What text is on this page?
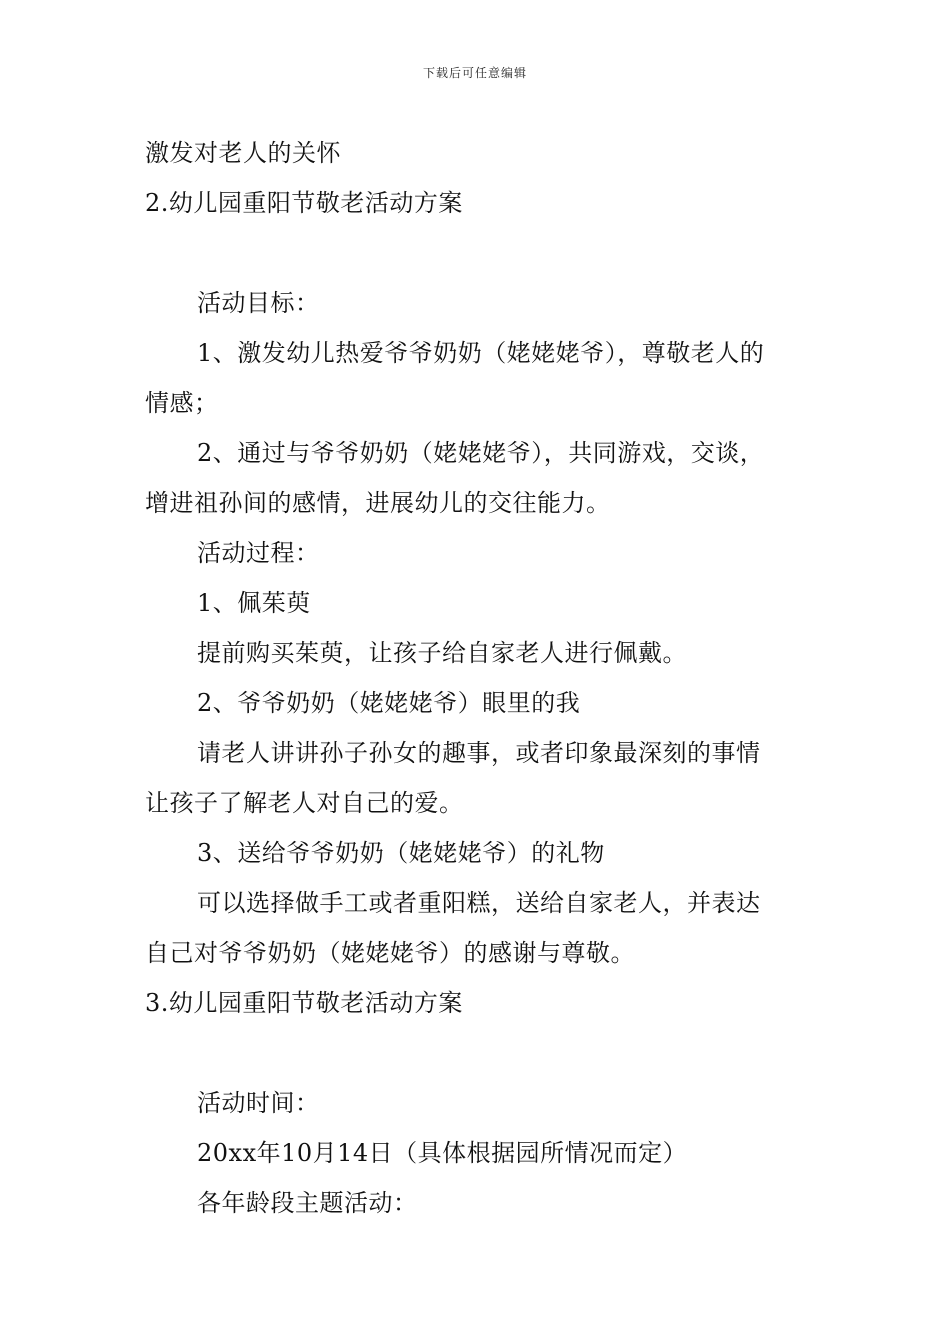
下载后可任意编辑
激发对老人的关怀
2.幼儿园重阳节敬老活动方案
活动目标：
1、激发幼儿热爱爷爷奶奶（姥姥姥爷），尊敬老人的
情感；
2、通过与爷爷奶奶（姥姥姥爷），共同游戏，交谈，
增进祖孙间的感情，进展幼儿的交往能力。
活动过程：
1、佩茱萸
提前购买茱萸，让孩子给自家老人进行佩戴。
2、爷爷奶奶（姥姥姥爷）眼里的我
请老人讲讲孙子孙女的趣事，或者印象最深刻的事情
让孩子了解老人对自己的爱。
3、送给爷爷奶奶（姥姥姥爷）的礼物
可以选择做手工或者重阳糕，送给自家老人，并表达
自己对爷爷奶奶（姥姥姥爷）的感谢与尊敬。
3.幼儿园重阳节敬老活动方案
活动时间：
20xx年10月14日（具体根据园所情况而定）
各年龄段主题活动：
